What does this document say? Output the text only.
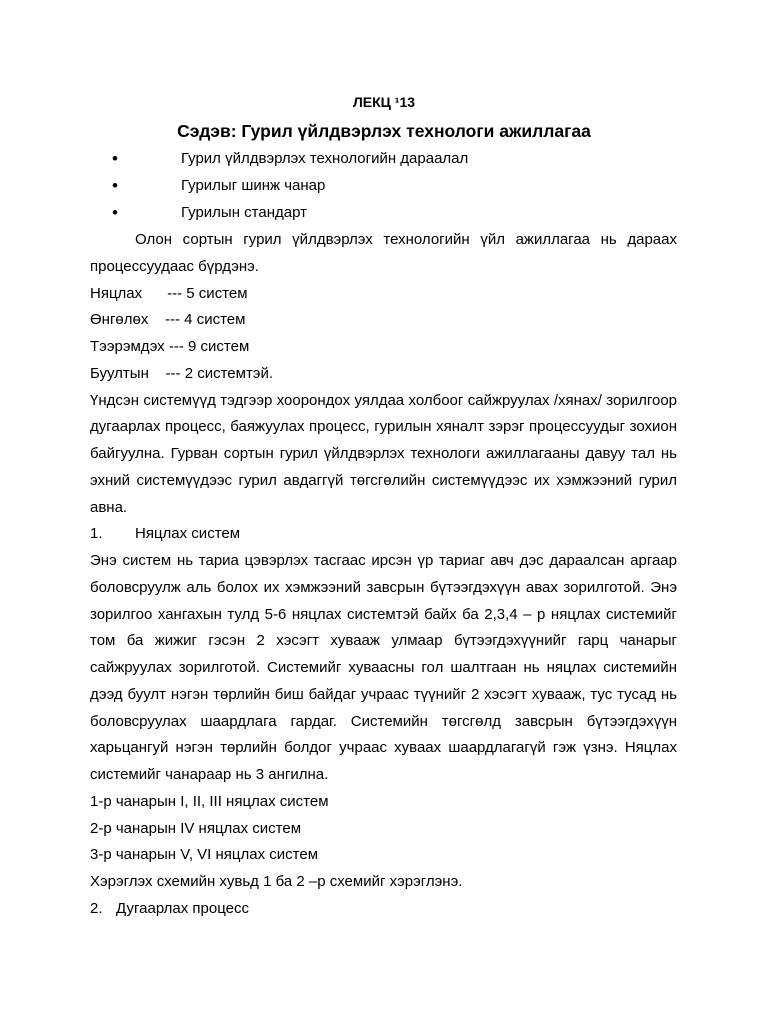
ЛЕКЦ ¹13
Сэдэв: Гурил үйлдвэрлэх технологи ажиллагаа
•	Гурил үйлдвэрлэх технологийн дараалал
•	Гурилыг шинж чанар
•	Гурилын стандарт

Олон сортын гурил үйлдвэрлэх технологийн үйл ажиллагаа нь дараах процессуудаас бүрдэнэ.

Няцлах      --- 5 систем

Өнгөлөх    --- 4 систем

Тээрэмдэх --- 9 систем

Буултын    --- 2 системтэй.

Үндсэн системүүд тэдгээр хоорондох уялдаа холбоог сайжруулах /хянах/ зорилгоор дугаарлах процесс, баяжуулах процесс, гурилын хяналт зэрэг процессуудыг зохион байгуулна. Гурван сортын гурил үйлдвэрлэх технологи ажиллагааны давуу тал нь эхний системүүдээс гурил авдаггүй төгсгөлийн системүүдээс их хэмжээний гурил авна.

1.	Няцлах систем

Энэ систем нь тариа цэвэрлэх тасгаас ирсэн үр тариаг авч дэс дараалсан аргаар боловсруулж аль болох их хэмжээний завсрын бүтээгдэхүүн авах зорилготой. Энэ зорилгоо хангахын тулд 5-6 няцлах системтэй байх ба 2,3,4 – р няцлах системийг том ба жижиг гэсэн 2 хэсэгт хувааж улмаар бүтээгдэхүүнийг гарц чанарыг сайжруулах зорилготой. Системийг хуваасны гол шалтгаан нь няцлах системийн дээд буулт нэгэн төрлийн биш байдаг учраас түүнийг 2 хэсэгт хувааж, тус тусад нь боловсруулах шаардлага гардаг. Системийн төгсгөлд завсрын бүтээгдэхүүн харьцангуй нэгэн төрлийн болдог учраас хуваах шаардлагагүй гэж үзнэ. Няцлах системийг чанараар нь 3 ангилна.

1-р чанарын I, II, III няцлах систем

2-р чанарын IV няцлах систем

3-р чанарын V, VI няцлах систем

Хэрэглэх схемийн хувьд 1 ба 2 –р схемийг хэрэглэнэ.

2. Дугаарлах процесс
